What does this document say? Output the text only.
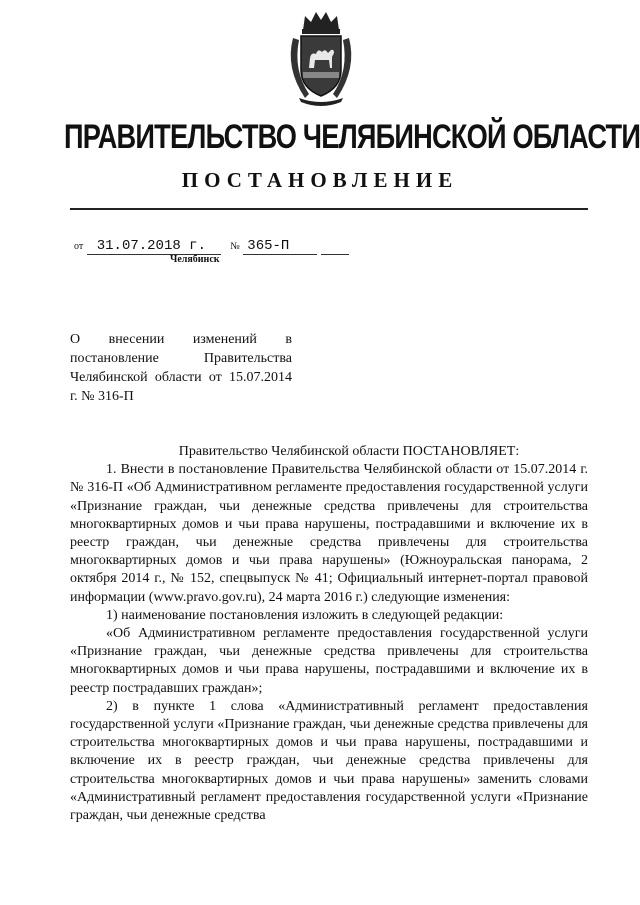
ПРАВИТЕЛЬСТВО ЧЕЛЯБИНСКОЙ ОБЛАСТИ
ПОСТАНОВЛЕНИЕ
от 31.07.2018 г. № 365-П
Челябинск
О внесении изменений в постановление Правительства Челябинской области от 15.07.2014 г. № 316-П

Правительство Челябинской области ПОСТАНОВЛЯЕТ:

1. Внести в постановление Правительства Челябинской области от 15.07.2014 г. № 316-П «Об Административном регламенте предоставления государственной услуги «Признание граждан, чьи денежные средства привлечены для строительства многоквартирных домов и чьи права нарушены, пострадавшими и включение их в реестр граждан, чьи денежные средства привлечены для строительства многоквартирных домов и чьи права нарушены» (Южноуральская панорама, 2 октября 2014 г., № 152, спецвыпуск № 41; Официальный интернет-портал правовой информации (www.pravo.gov.ru), 24 марта 2016 г.) следующие изменения:

1) наименование постановления изложить в следующей редакции:

«Об Административном регламенте предоставления государственной услуги «Признание граждан, чьи денежные средства привлечены для строительства многоквартирных домов и чьи права нарушены, пострадавшими и включение их в реестр пострадавших граждан»;

2) в пункте 1 слова «Административный регламент предоставления государственной услуги «Признание граждан, чьи денежные средства привлечены для строительства многоквартирных домов и чьи права нарушены, пострадавшими и включение их в реестр граждан, чьи денежные средства привлечены для строительства многоквартирных домов и чьи права нарушены» заменить словами «Административный регламент предоставления государственной услуги «Признание граждан, чьи денежные средства
